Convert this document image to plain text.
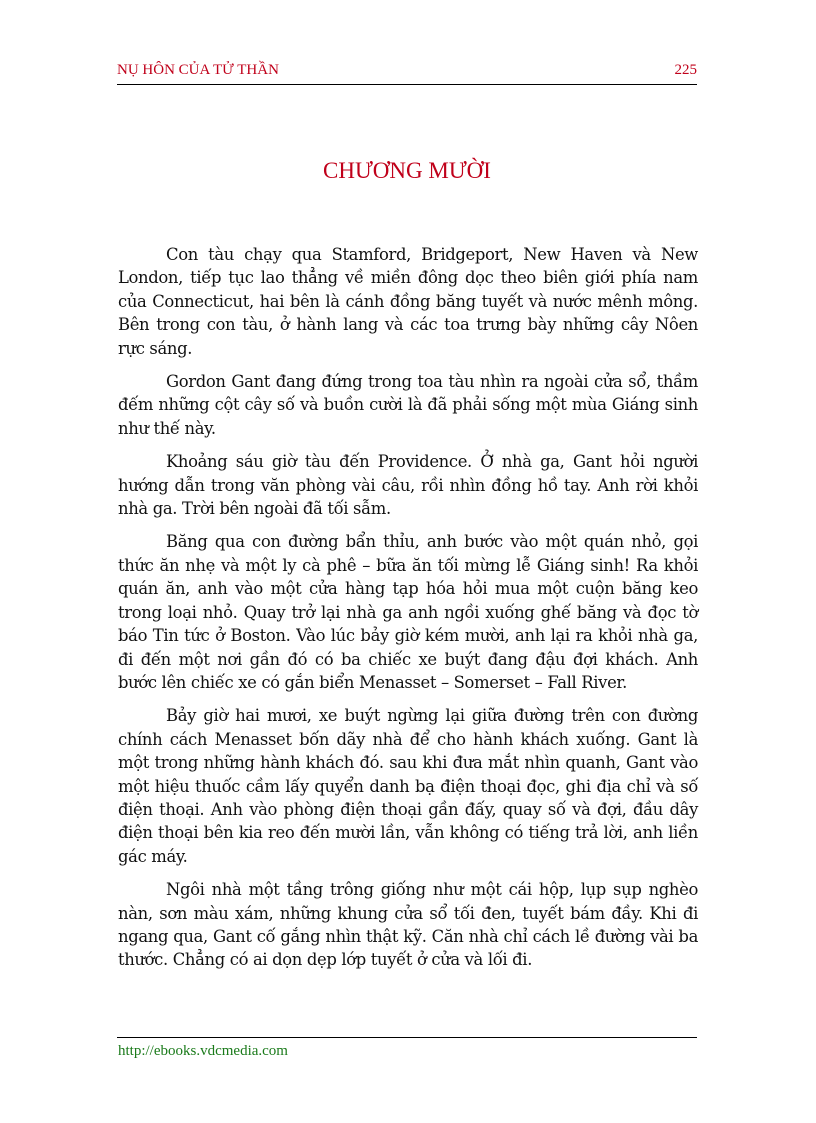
NỤ HÔN CỦA TỬ THẦN	225
CHƯƠNG MƯỜI

Con tàu chạy qua Stamford, Bridgeport, New Haven và New London, tiếp tục lao thẳng về miền đông dọc theo biên giới phía nam của Connecticut, hai bên là cánh đồng băng tuyết và nước mênh mông. Bên trong con tàu, ở hành lang và các toa trưng bày những cây Nôen rực sáng.

Gordon Gant đang đứng trong toa tàu nhìn ra ngoài cửa sổ, thầm đếm những cột cây số và buồn cười là đã phải sống một mùa Giáng sinh như thế này.

Khoảng sáu giờ tàu đến Providence. Ở nhà ga, Gant hỏi người hướng dẫn trong văn phòng vài câu, rồi nhìn đồng hồ tay. Anh rời khỏi nhà ga. Trời bên ngoài đã tối sẫm.

Băng qua con đường bẩn thỉu, anh bước vào một quán nhỏ, gọi thức ăn nhẹ và một ly cà phê – bữa ăn tối mừng lễ Giáng sinh! Ra khỏi quán ăn, anh vào một cửa hàng tạp hóa hỏi mua một cuộn băng keo trong loại nhỏ. Quay trở lại nhà ga anh ngồi xuống ghế băng và đọc tờ báo Tin tức ở Boston. Vào lúc bảy giờ kém mười, anh lại ra khỏi nhà ga, đi đến một nơi gần đó có ba chiếc xe buýt đang đậu đợi khách. Anh bước lên chiếc xe có gắn biển Menasset – Somerset – Fall River.

Bảy giờ hai mươi, xe buýt ngừng lại giữa đường trên con đường chính cách Menasset bốn dãy nhà để cho hành khách xuống. Gant là một trong những hành khách đó. sau khi đưa mắt nhìn quanh, Gant vào một hiệu thuốc cầm lấy quyển danh bạ điện thoại đọc, ghi địa chỉ và số điện thoại. Anh vào phòng điện thoại gần đấy, quay số và đợi, đầu dây điện thoại bên kia reo đến mười lần, vẫn không có tiếng trả lời, anh liền gác máy.

Ngôi nhà một tầng trông giống như một cái hộp, lụp sụp nghèo nàn, sơn màu xám, những khung cửa sổ tối đen, tuyết bám đầy. Khi đi ngang qua, Gant cố gắng nhìn thật kỹ. Căn nhà chỉ cách lề đường vài ba thước. Chẳng có ai dọn dẹp lớp tuyết ở cửa và lối đi.

http://ebooks.vdcmedia.com
